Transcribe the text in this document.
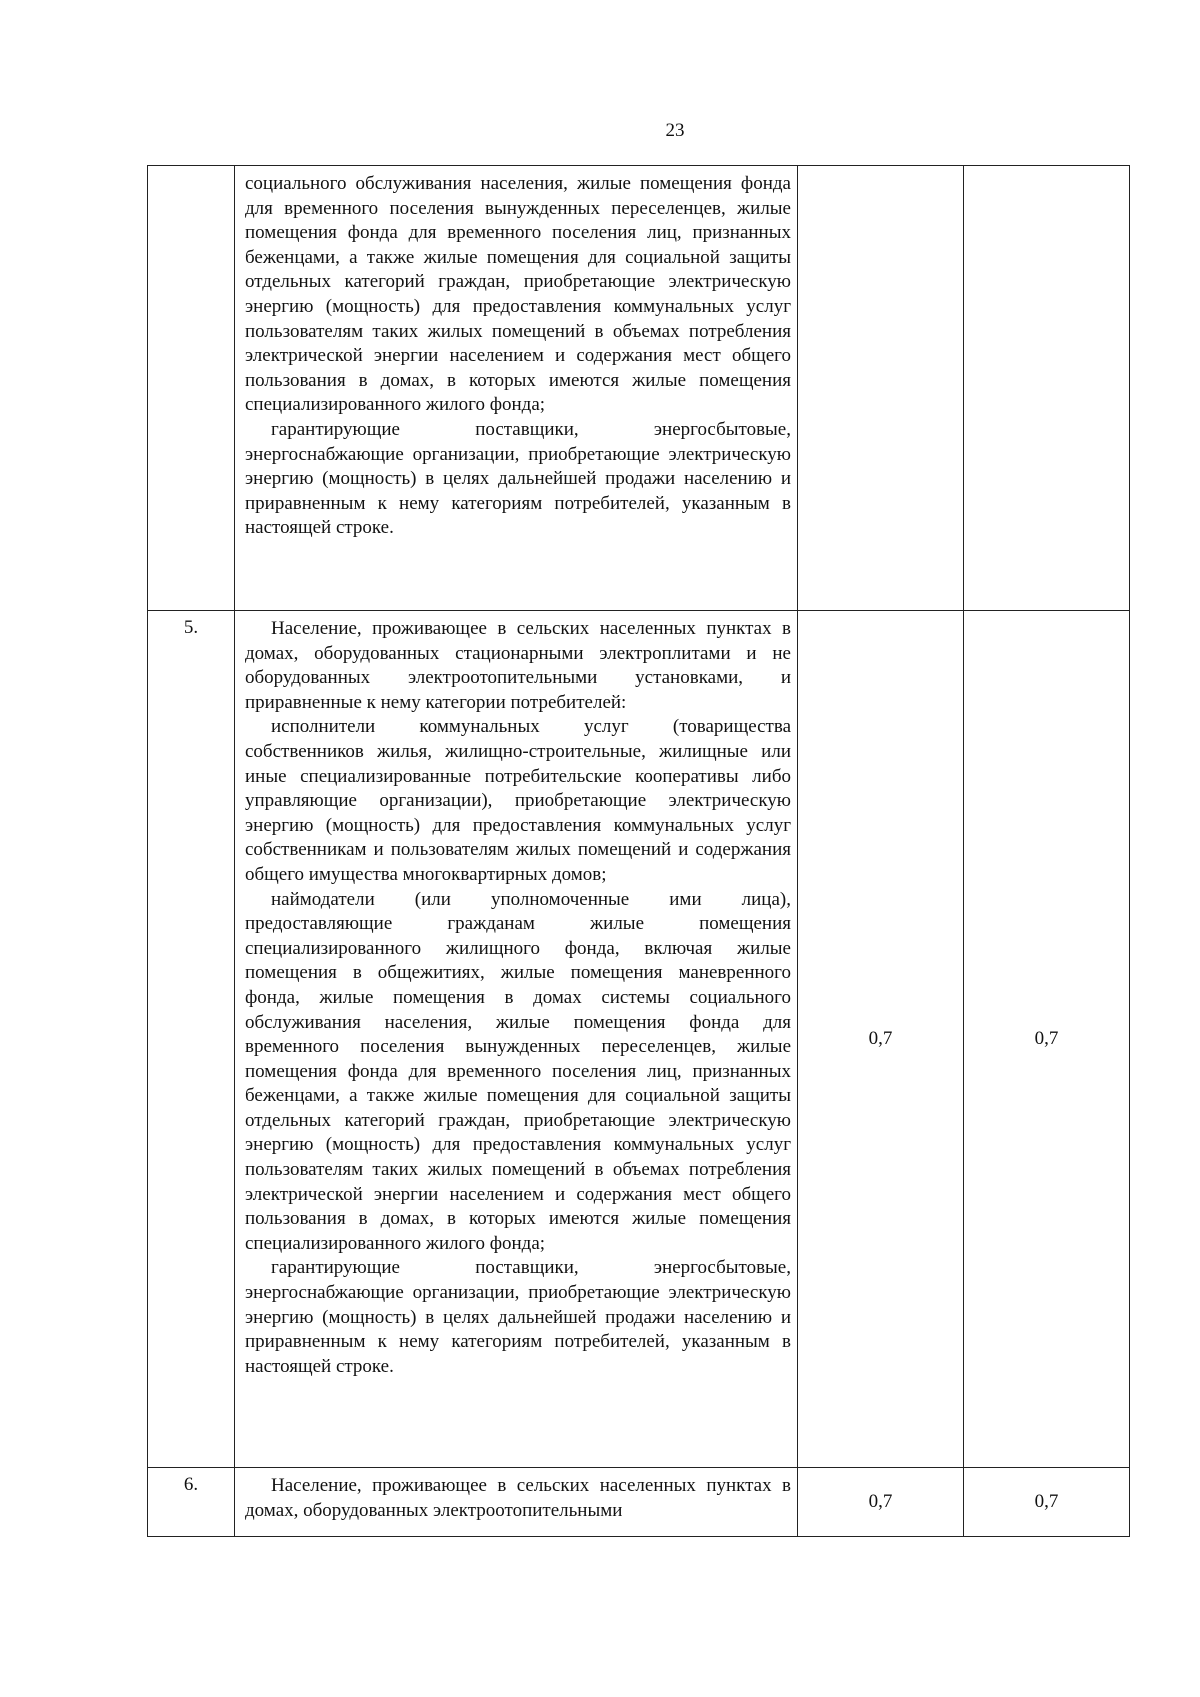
23

	социального обслуживания населения, жилые помещения фонда для временного поселения вынужденных переселенцев, жилые помещения фонда для временного поселения лиц, признанных беженцами, а также жилые помещения для социальной защиты отдельных категорий граждан, приобретающие электрическую энергию (мощность) для предоставления коммунальных услуг пользователям таких жилых помещений в объемах потребления электрической энергии населением и содержания мест общего пользования в домах, в которых имеются жилые помещения специализированного жилого фонда;

гарантирующие поставщики, энергосбытовые, энергоснабжающие организации, приобретающие электрическую энергию (мощность) в целях дальнейшей продажи населению и приравненным к нему категориям потребителей, указанным в настоящей строке.		

5.	Население, проживающее в сельских населенных пунктах в домах, оборудованных стационарными электроплитами и не оборудованных электроотопительными установками, и приравненные к нему категории потребителей:

исполнители коммунальных услуг (товарищества собственников жилья, жилищно-строительные, жилищные или иные специализированные потребительские кооперативы либо управляющие организации), приобретающие электрическую энергию (мощность) для предоставления коммунальных услуг собственникам и пользователям жилых помещений и содержания общего имущества многоквартирных домов;

наймодатели (или уполномоченные ими лица), предоставляющие гражданам жилые помещения специализированного жилищного фонда, включая жилые помещения в общежитиях, жилые помещения маневренного фонда, жилые помещения в домах системы социального обслуживания населения, жилые помещения фонда для временного поселения вынужденных переселенцев, жилые помещения фонда для временного поселения лиц, признанных беженцами, а также жилые помещения для социальной защиты отдельных категорий граждан, приобретающие электрическую энергию (мощность) для предоставления коммунальных услуг пользователям таких жилых помещений в объемах потребления электрической энергии населением и содержания мест общего пользования в домах, в которых имеются жилые помещения специализированного жилого фонда;

гарантирующие поставщики, энергосбытовые, энергоснабжающие организации, приобретающие электрическую энергию (мощность) в целях дальнейшей продажи населению и приравненным к нему категориям потребителей, указанным в настоящей строке.	0,7	0,7
6.	Население, проживающее в сельских населенных пунктах в домах, оборудованных электроотопительными	0,7	0,7
